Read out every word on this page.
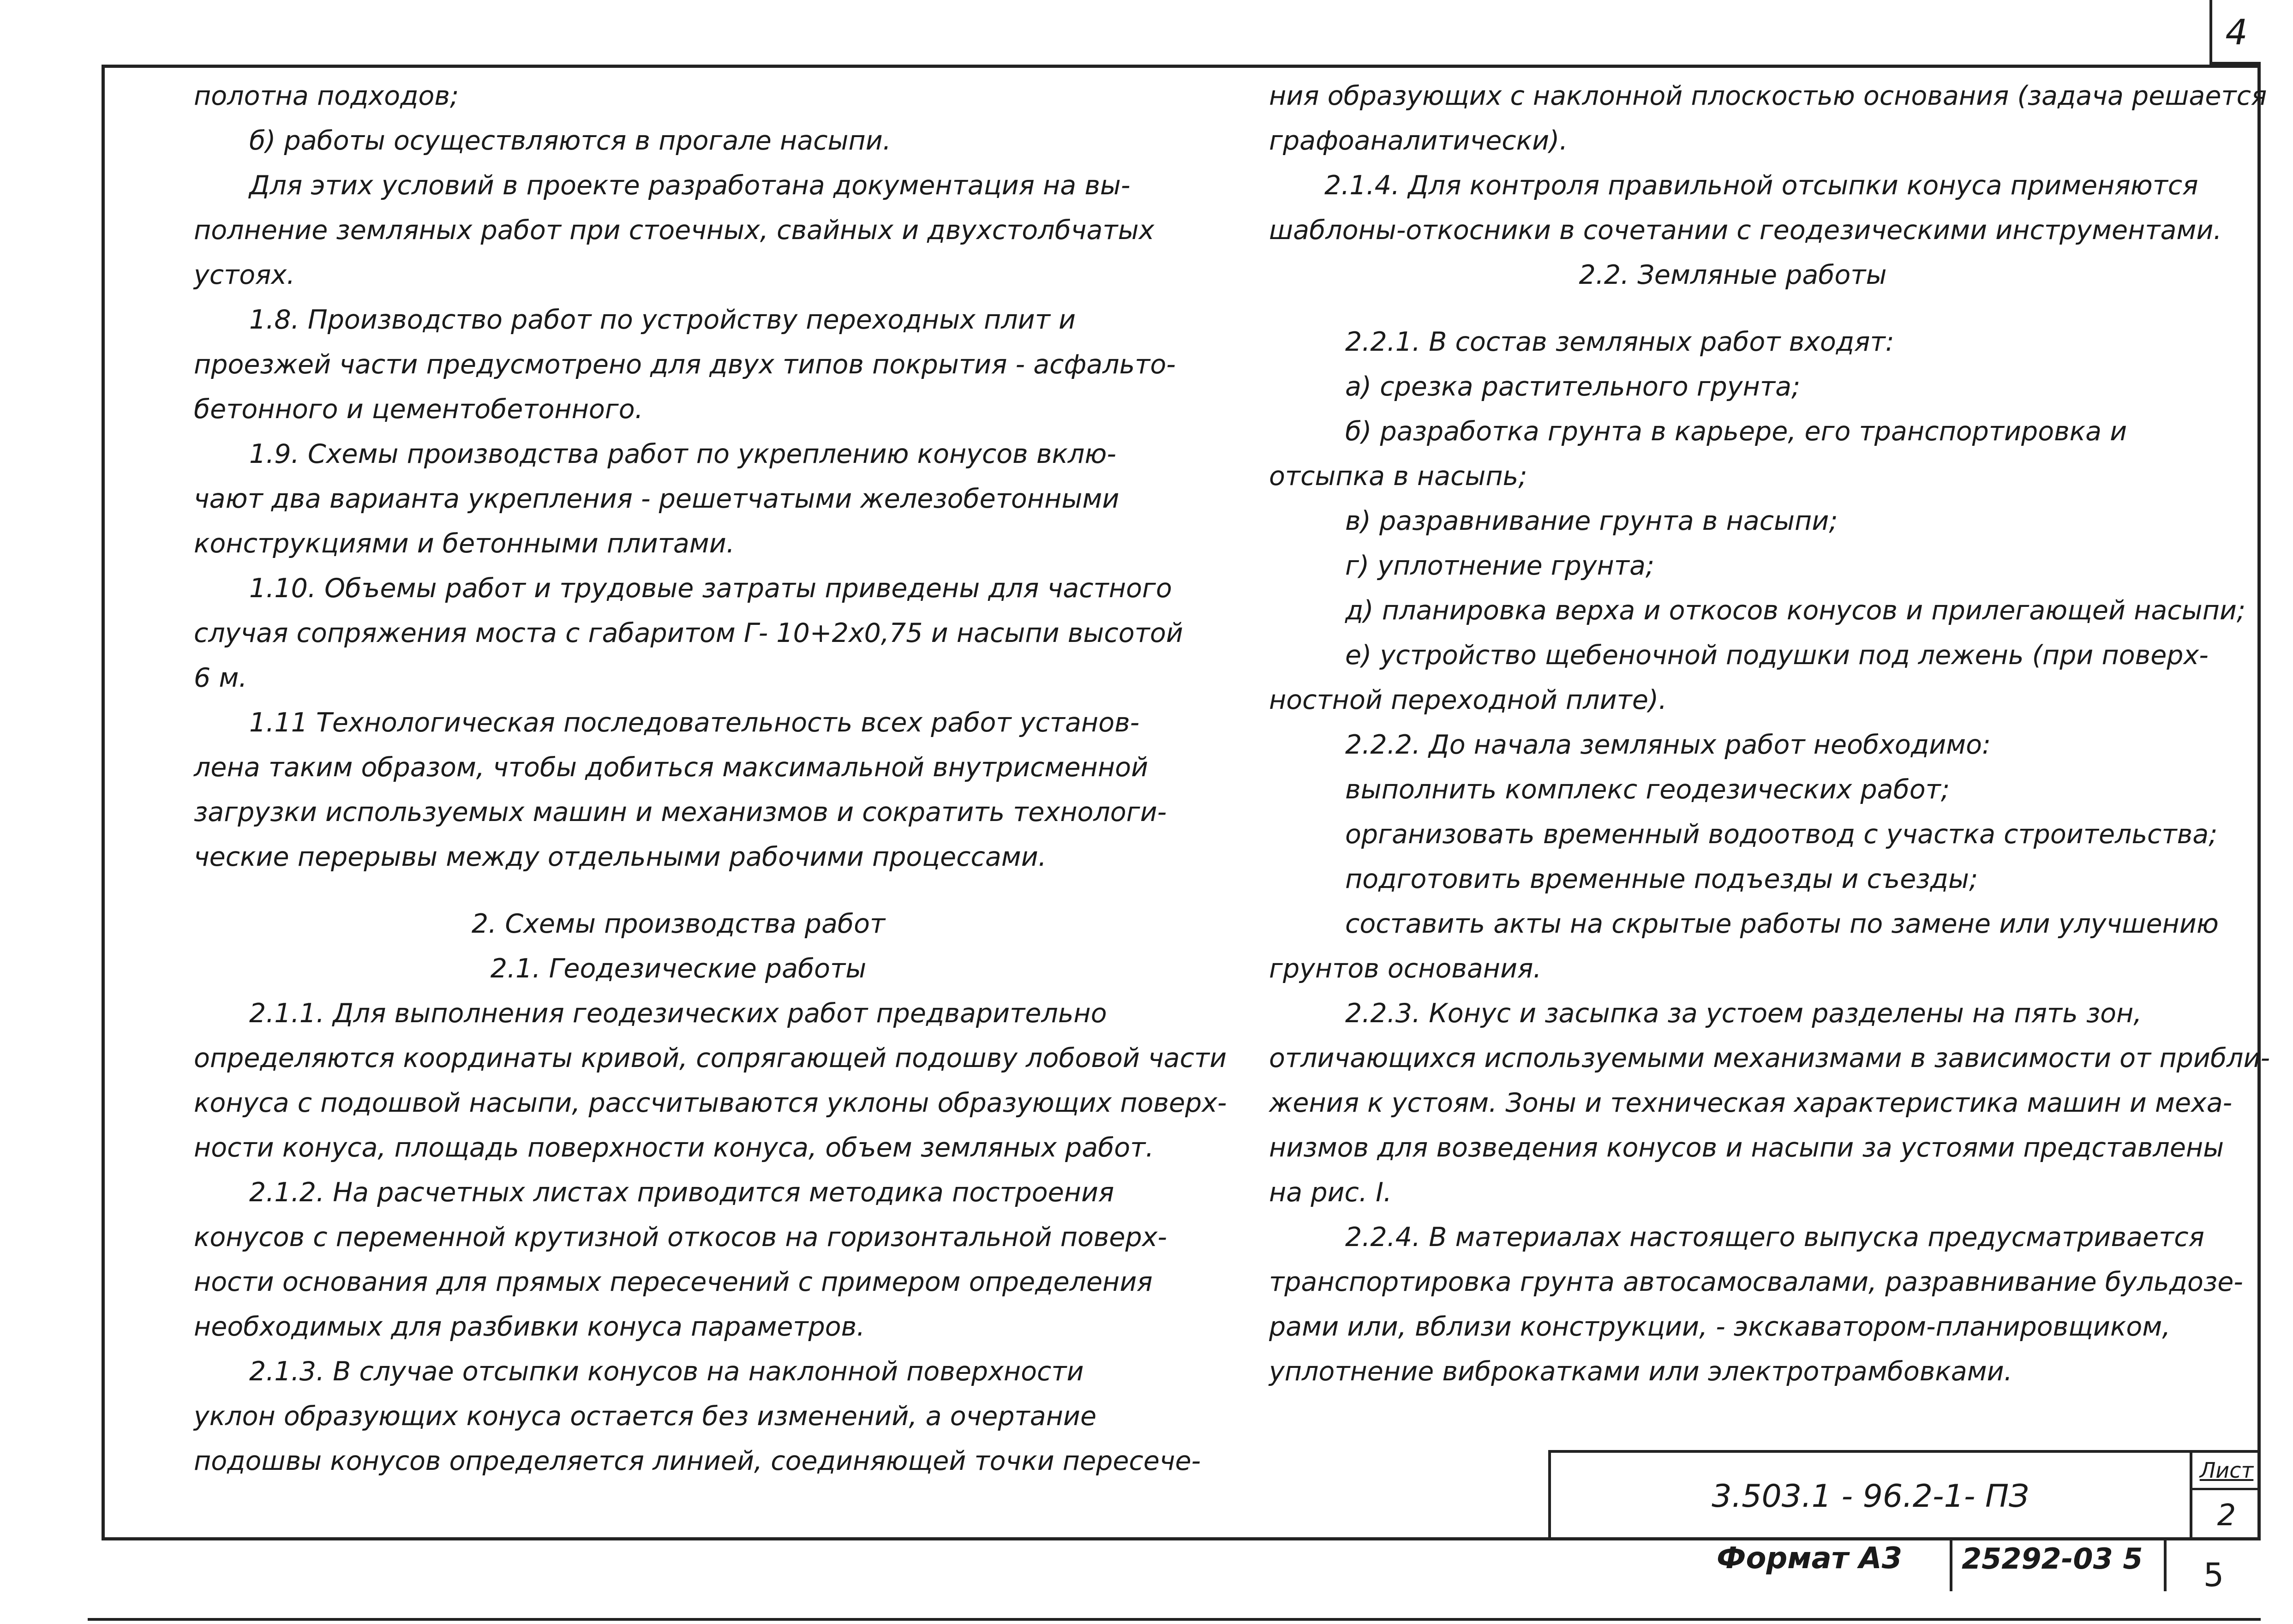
4
полотна подходов;
б) работы осуществляются в прогале насыпи.
Для этих условий в проекте разработана документация на вы-
полнение земляных работ при стоечных, свайных и двухстолбчатых
устоях.
1.8. Производство работ по устройству переходных плит и
проезжей части предусмотрено для двух типов покрытия - асфальто-
бетонного и цементобетонного.
1.9. Схемы производства работ по укреплению конусов вклю-
чают два варианта укрепления - решетчатыми железобетонными
конструкциями и бетонными плитами.
1.10. Объемы работ и трудовые затраты приведены для частного
случая сопряжения моста с габаритом Г- 10+2х0,75 и насыпи высотой
6 м.
1.11 Технологическая последовательность всех работ установ-
лена таким образом, чтобы добиться максимальной внутрисменной
загрузки используемых машин и механизмов и сократить технологи-
ческие перерывы между отдельными рабочими процессами.
2. Схемы производства работ
2.1. Геодезические работы
2.1.1. Для выполнения геодезических работ предварительно
определяются координаты кривой, сопрягающей подошву лобовой части
конуса с подошвой насыпи, рассчитываются уклоны образующих поверх-
ности конуса, площадь поверхности конуса, объем земляных работ.
2.1.2. На расчетных листах приводится методика построения
конусов с переменной крутизной откосов на горизонтальной поверх-
ности основания для прямых пересечений с примером определения
необходимых для разбивки конуса параметров.
2.1.3. В случае отсыпки конусов на наклонной поверхности
уклон образующих конуса остается без изменений, а очертание
подошвы конусов определяется линией, соединяющей точки пересече-
ния образующих с наклонной плоскостью основания (задача решается
графоаналитически).
2.1.4. Для контроля правильной отсыпки конуса применяются
шаблоны-откосники в сочетании с геодезическими инструментами.
2.2. Земляные работы
2.2.1. В состав земляных работ входят:
а) срезка растительного грунта;
б) разработка грунта в карьере, его транспортировка и
отсыпка в насыпь;
в) разравнивание грунта в насыпи;
г) уплотнение грунта;
д) планировка верха и откосов конусов и прилегающей насыпи;
е) устройство щебеночной подушки под лежень (при поверх-
ностной переходной плите).
2.2.2. До начала земляных работ необходимо:
выполнить комплекс геодезических работ;
организовать временный водоотвод с участка строительства;
подготовить временные подъезды и съезды;
составить акты на скрытые работы по замене или улучшению
грунтов основания.
2.2.3. Конус и засыпка за устоем разделены на пять зон,
отличающихся используемыми механизмами в зависимости от прибли-
жения к устоям. Зоны и техническая характеристика машин и меха-
низмов для возведения конусов и насыпи за устоями представлены
на рис. I.
2.2.4. В материалах настоящего выпуска предусматривается
транспортировка грунта автосамосвалами, разравнивание бульдозе-
рами или, вблизи конструкции, - экскаватором-планировщиком,
уплотнение виброкатками или электротрамбовками.
3.503.1 - 96.2-1- ПЗ
Лист
2
Формат А3	25292-03 5	5
